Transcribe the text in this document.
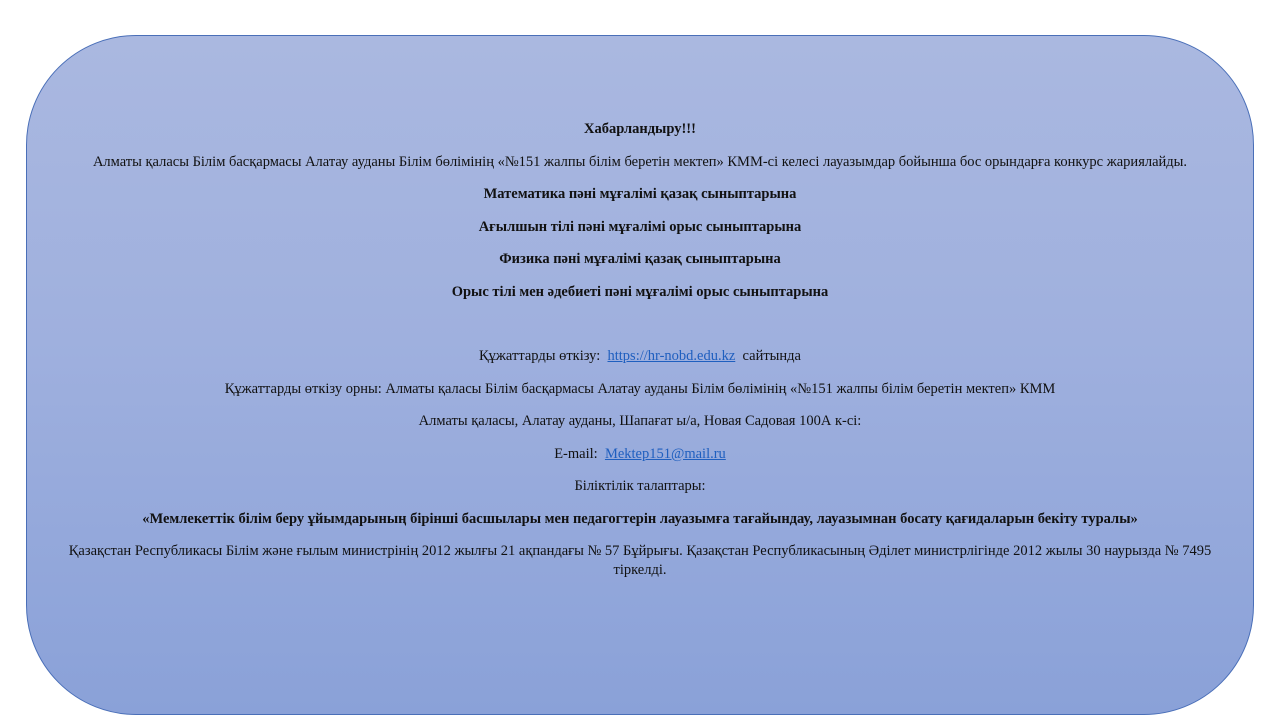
Хабарландыру!!!
Алматы қаласы Білім басқармасы Алатау ауданы Білім бөлімінің «№151 жалпы білім беретін мектеп» КММ-сі келесі лауазымдар бойынша бос орындарға конкурс жариялайды.
Математика пәні мұғалімі қазақ сыныптарына
Ағылшын тілі пәні мұғалімі орыс сыныптарына
Физика пәні мұғалімі қазақ сыныптарына
Орыс тілі мен әдебиеті пәні мұғалімі орыс сыныптарына
Құжаттарды өткізу: https://hr-nobd.edu.kz сайтында
Құжаттарды өткізу орны: Алматы қаласы Білім басқармасы Алатау ауданы Білім бөлімінің «№151 жалпы білім беретін мектеп» КММ
Алматы қаласы, Алатау ауданы, Шапағат ы/а, Новая Садовая 100А к-сі:
E-mail: Mektep151@mail.ru
Біліктілік талаптары:
«Мемлекеттік білім беру ұйымдарының бірінші басшылары мен педагогтерін лауазымға тағайындау, лауазымнан босату қағидаларын бекіту туралы»
Қазақстан Республикасы Білім және ғылым министрінің 2012 жылғы 21 ақпандағы № 57 Бұйрығы. Қазақстан Республикасының Әділет министрлігінде 2012 жылы 30 наурызда № 7495 тіркелді.
